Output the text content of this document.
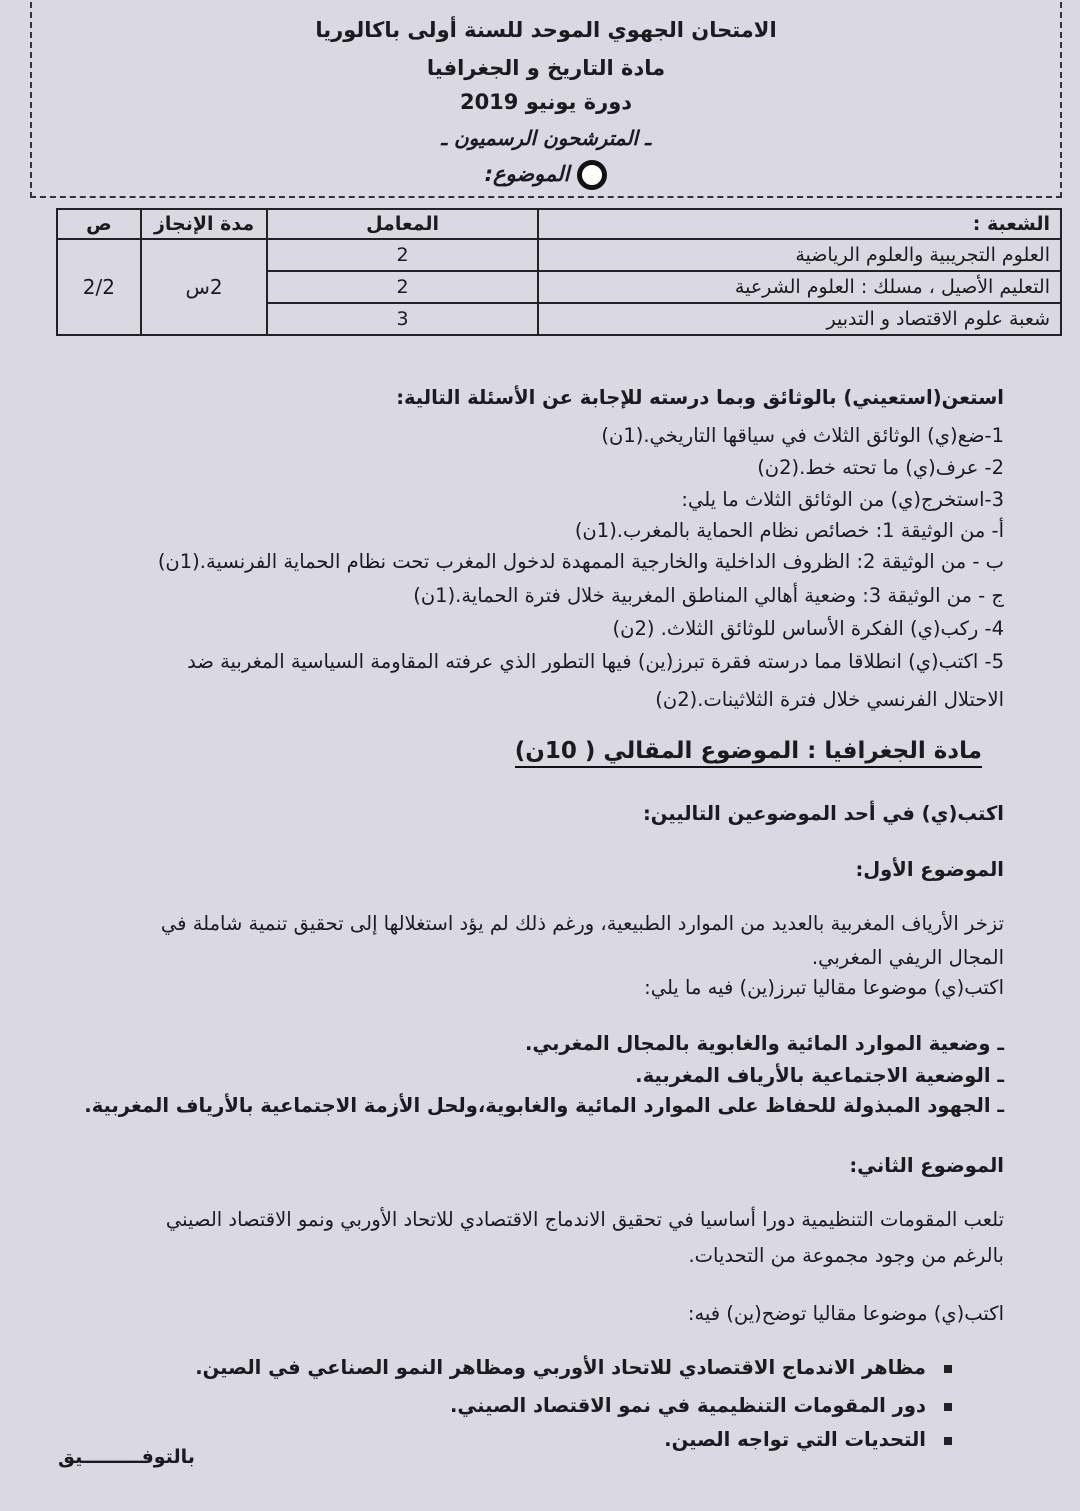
الامتحان الجهوي الموحد للسنة أولى باكالوريا
مادة التاريخ و الجغرافيا
دورة يونيو 2019
ـ المترشحون الرسميون ـ
الموضوع:
الشعبة :	المعامل	مدة الإنجاز	ص
العلوم التجريبية والعلوم الرياضية	2	2س	2/2
التعليم الأصيل ، مسلك : العلوم الشرعية	2		
شعبة علوم الاقتصاد و التدبير	3		
استعن(استعيني) بالوثائق وبما درسته للإجابة عن الأسئلة التالية:
1-ضع(ي) الوثائق الثلاث في سياقها التاريخي.(1ن)
2- عرف(ي) ما تحته خط.(2ن)
3-استخرج(ي) من الوثائق الثلاث ما يلي:
أ- من الوثيقة 1: خصائص نظام الحماية بالمغرب.(1ن)
ب - من الوثيقة 2: الظروف الداخلية والخارجية الممهدة لدخول المغرب تحت نظام الحماية الفرنسية.(1ن)
ج - من الوثيقة 3: وضعية أهالي المناطق المغربية خلال فترة الحماية.(1ن)
4- ركب(ي) الفكرة الأساس للوثائق الثلاث. (2ن)
5- اكتب(ي) انطلاقا مما درسته فقرة تبرز(ين) فيها التطور الذي عرفته المقاومة السياسية المغربية ضد
الاحتلال الفرنسي خلال فترة الثلاثينات.(2ن)
مادة الجغرافيا : الموضوع المقالي ( 10ن)
اكتب(ي) في أحد الموضوعين التاليين:
الموضوع الأول:
تزخر الأرياف المغربية بالعديد من الموارد الطبيعية، ورغم ذلك لم يؤد استغلالها إلى تحقيق تنمية شاملة في
المجال الريفي المغربي.
اكتب(ي) موضوعا مقاليا تبرز(ين) فيه ما يلي:
ـ وضعية الموارد المائية والغابوية بالمجال المغربي.
ـ الوضعية الاجتماعية بالأرياف المغربية.
ـ الجهود المبذولة للحفاظ على الموارد المائية والغابوية،ولحل الأزمة الاجتماعية بالأرياف المغربية.
الموضوع الثاني:
تلعب المقومات التنظيمية دورا أساسيا في تحقيق الاندماج الاقتصادي للاتحاد الأوربي ونمو الاقتصاد الصيني
بالرغم من وجود مجموعة من التحديات.
اكتب(ي) موضوعا مقاليا توضح(ين) فيه:
مظاهر الاندماج الاقتصادي للاتحاد الأوربي ومظاهر النمو الصناعي في الصين.
دور المقومات التنظيمية في نمو الاقتصاد الصيني.
التحديات التي تواجه الصين.
بالتوفـــــــــيق
